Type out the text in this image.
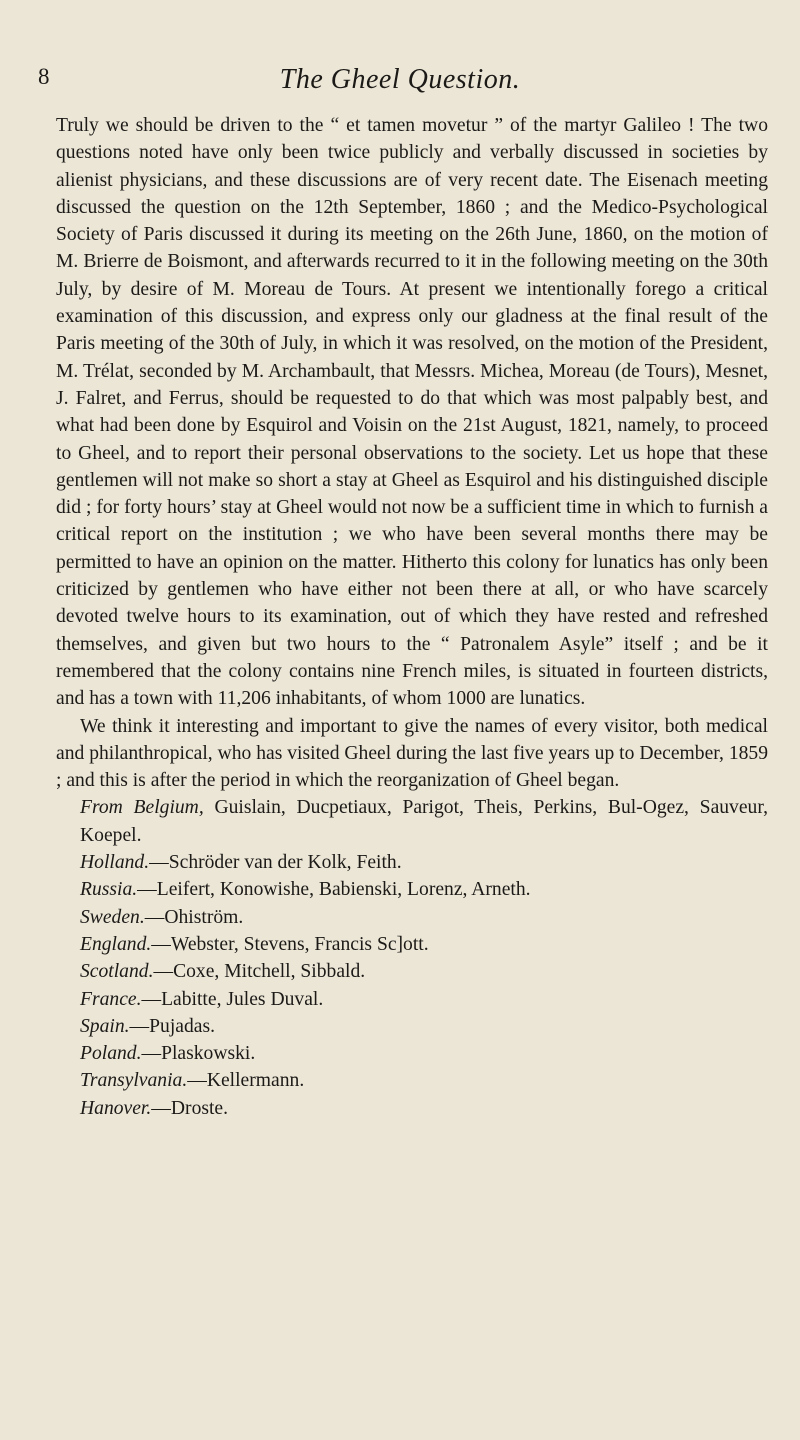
8	The Gheel Question.

Truly we should be driven to the “ et tamen movetur ” of the martyr Galileo ! The two questions noted have only been twice publicly and verbally discussed in societies by alienist physicians, and these discussions are of very recent date. The Eisenach meeting discussed the question on the 12th September, 1860 ; and the Medico-Psychological Society of Paris discussed it during its meeting on the 26th June, 1860, on the motion of M. Brierre de Boismont, and afterwards recurred to it in the following meeting on the 30th July, by desire of M. Moreau de Tours. At present we intentionally forego a critical examination of this discussion, and express only our gladness at the final result of the Paris meeting of the 30th of July, in which it was resolved, on the motion of the President, M. Trélat, seconded by M. Archambault, that Messrs. Michea, Moreau (de Tours), Mesnet, J. Falret, and Ferrus, should be requested to do that which was most palpably best, and what had been done by Esquirol and Voisin on the 21st August, 1821, namely, to proceed to Gheel, and to report their personal observations to the society. Let us hope that these gentlemen will not make so short a stay at Gheel as Esquirol and his distinguished disciple did ; for forty hours’ stay at Gheel would not now be a sufficient time in which to furnish a critical report on the institution ; we who have been several months there may be permitted to have an opinion on the matter. Hitherto this colony for lunatics has only been criticized by gentlemen who have either not been there at all, or who have scarcely devoted twelve hours to its examination, out of which they have rested and refreshed themselves, and given but two hours to the “ Patronalem Asyle” itself ; and be it remembered that the colony contains nine French miles, is situated in fourteen districts, and has a town with 11,206 inhabitants, of whom 1000 are lunatics.

We think it interesting and important to give the names of every visitor, both medical and philanthropical, who has visited Gheel during the last five years up to December, 1859 ; and this is after the period in which the reorganization of Gheel began.

From Belgium, Guislain, Ducpetiaux, Parigot, Theis, Perkins, Bul-Ogez, Sauveur, Koepel.

Holland.—Schröder van der Kolk, Feith.

Russia.—Leifert, Konowishe, Babienski, Lorenz, Arneth.

Sweden.—Ohiström.

England.—Webster, Stevens, Francis Sc]ott.

Scotland.—Coxe, Mitchell, Sibbald.

France.—Labitte, Jules Duval.

Spain.—Pujadas.

Poland.—Plaskowski.

Transylvania.—Kellermann.

Hanover.—Droste.
